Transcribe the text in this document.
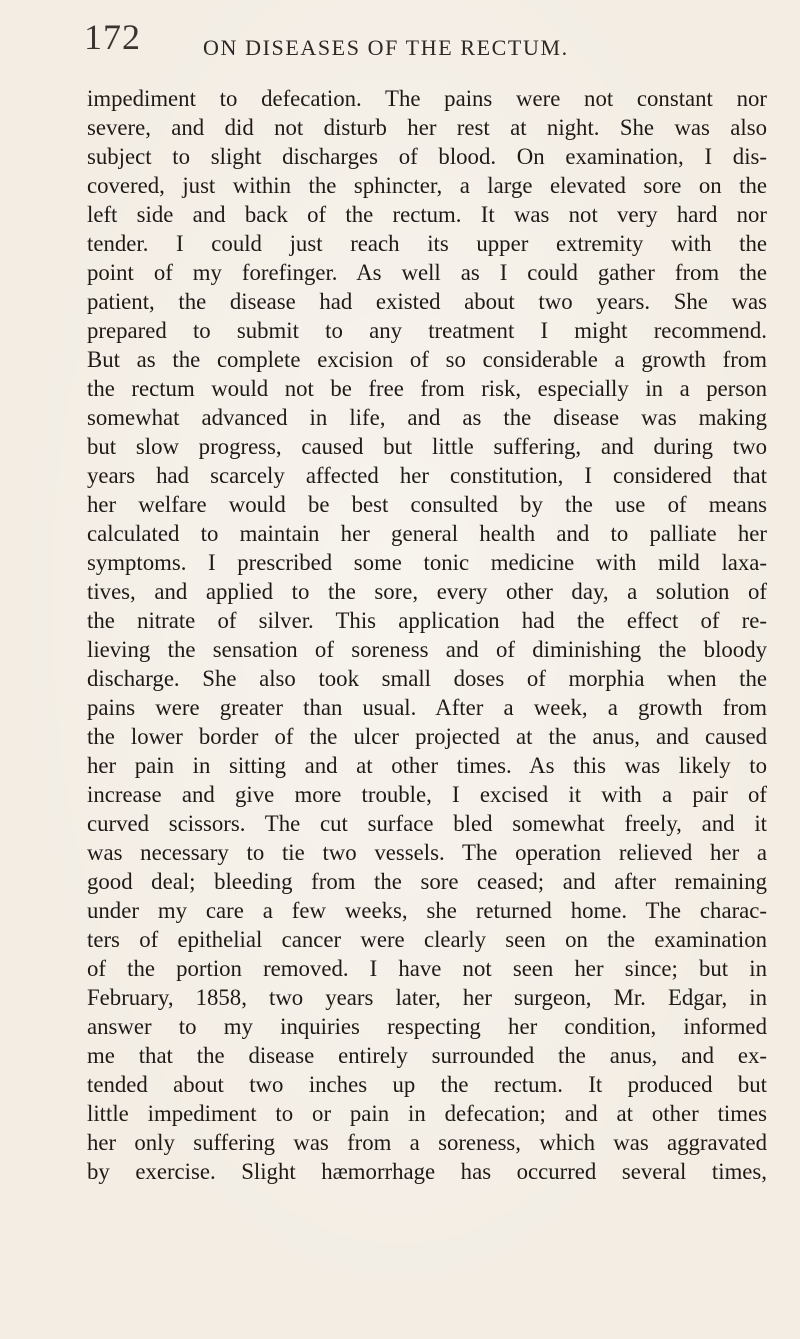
172	ON DISEASES OF THE RECTUM.
impediment to defecation. The pains were not constant nor
severe, and did not disturb her rest at night. She was also
subject to slight discharges of blood. On examination, I dis-
covered, just within the sphincter, a large elevated sore on the
left side and back of the rectum. It was not very hard nor
tender. I could just reach its upper extremity with the
point of my forefinger. As well as I could gather from the
patient, the disease had existed about two years. She was
prepared to submit to any treatment I might recommend.
But as the complete excision of so considerable a growth from
the rectum would not be free from risk, especially in a person
somewhat advanced in life, and as the disease was making
but slow progress, caused but little suffering, and during two
years had scarcely affected her constitution, I considered that
her welfare would be best consulted by the use of means
calculated to maintain her general health and to palliate her
symptoms. I prescribed some tonic medicine with mild laxa-
tives, and applied to the sore, every other day, a solution of
the nitrate of silver. This application had the effect of re-
lieving the sensation of soreness and of diminishing the bloody
discharge. She also took small doses of morphia when the
pains were greater than usual. After a week, a growth from
the lower border of the ulcer projected at the anus, and caused
her pain in sitting and at other times. As this was likely to
increase and give more trouble, I excised it with a pair of
curved scissors. The cut surface bled somewhat freely, and it
was necessary to tie two vessels. The operation relieved her a
good deal; bleeding from the sore ceased; and after remaining
under my care a few weeks, she returned home. The charac-
ters of epithelial cancer were clearly seen on the examination
of the portion removed. I have not seen her since; but in
February, 1858, two years later, her surgeon, Mr. Edgar, in
answer to my inquiries respecting her condition, informed
me that the disease entirely surrounded the anus, and ex-
tended about two inches up the rectum. It produced but
little impediment to or pain in defecation; and at other times
her only suffering was from a soreness, which was aggravated
by exercise. Slight hæmorrhage has occurred several times,
